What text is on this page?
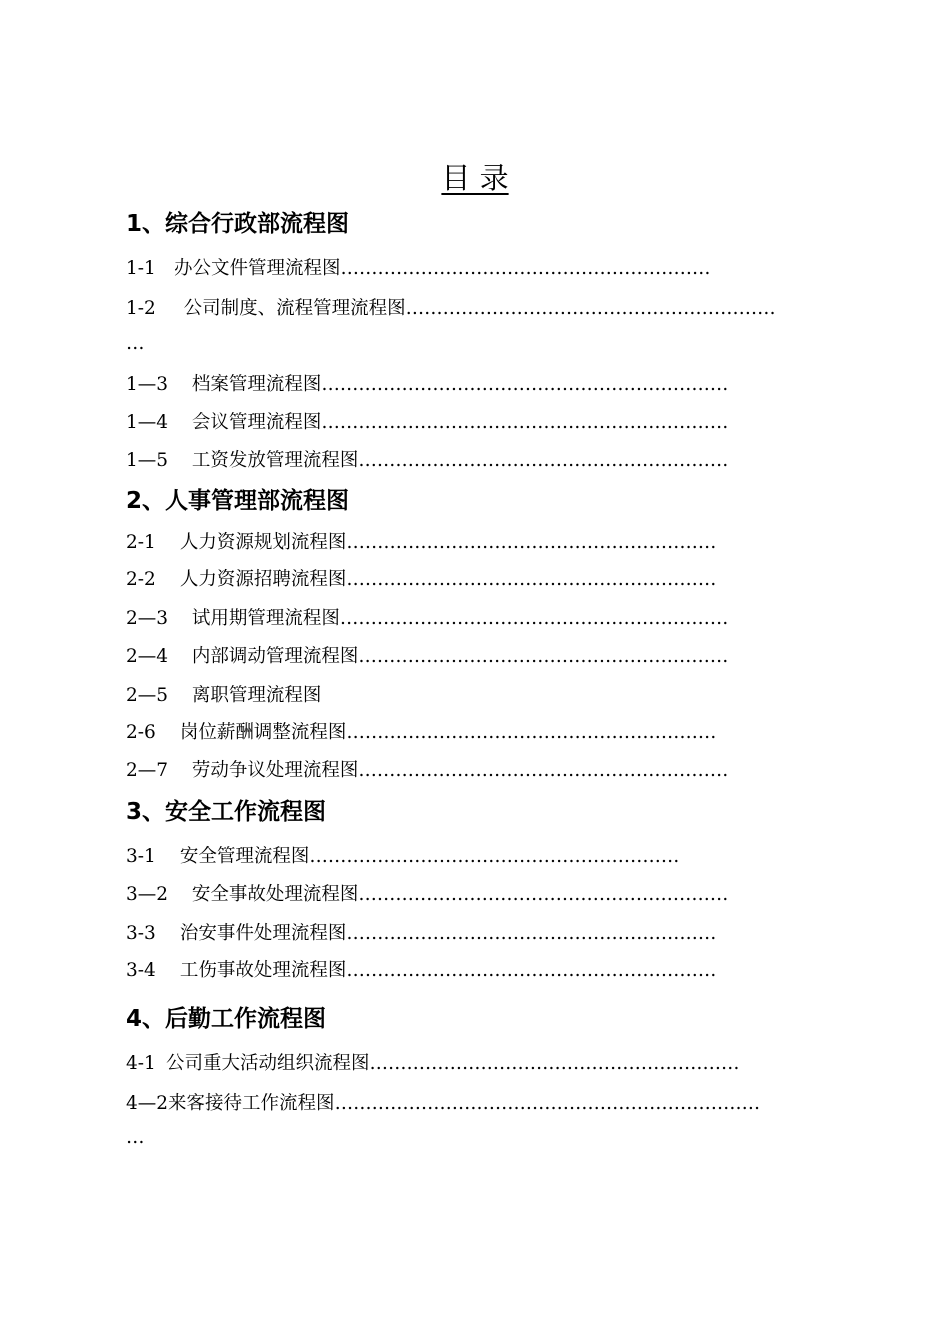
目 录
1、综合行政部流程图
1-1 办公文件管理流程图……………………………………………………
1-2 公司制度、流程管理流程图……………………………………………………
…
1—3 档案管理流程图…………………………………………………………
1—4 会议管理流程图…………………………………………………………
1—5 工资发放管理流程图……………………………………………………
2、人事管理部流程图
2-1 人力资源规划流程图……………………………………………………
2-2 人力资源招聘流程图……………………………………………………
2—3 试用期管理流程图………………………………………………………
2—4 内部调动管理流程图……………………………………………………
2—5 离职管理流程图
2-6 岗位薪酬调整流程图……………………………………………………
2—7 劳动争议处理流程图……………………………………………………
3、安全工作流程图
3-1 安全管理流程图……………………………………………………
3—2 安全事故处理流程图……………………………………………………
3-3 治安事件处理流程图……………………………………………………
3-4 工伤事故处理流程图……………………………………………………
4、后勤工作流程图
4-1 公司重大活动组织流程图……………………………………………………
4—2来客接待工作流程图……………………………………………………………
…
